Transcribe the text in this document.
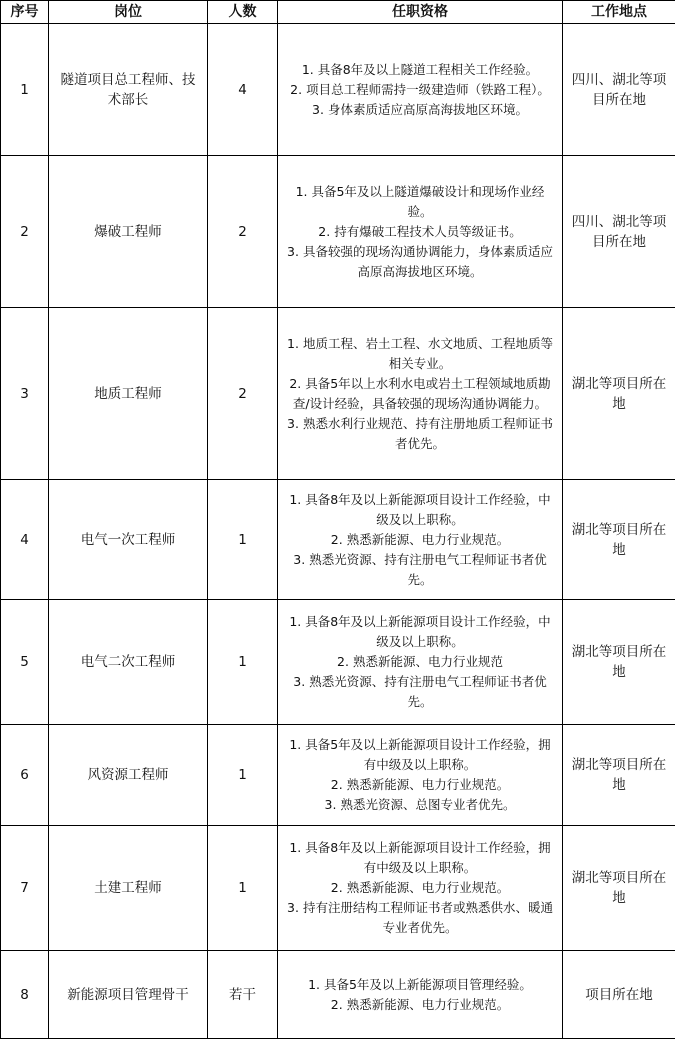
序号	岗位	人数	任职资格	工作地点
1	隧道项目总工程师、技术部长	4	1. 具备8年及以上隧道工程相关工作经验。
2. 项目总工程师需持一级建造师（铁路工程）。
3. 身体素质适应高原高海拔地区环境。	四川、湖北等项目所在地
2	爆破工程师	2	1. 具备5年及以上隧道爆破设计和现场作业经验。
2. 持有爆破工程技术人员等级证书。
3. 具备较强的现场沟通协调能力，身体素质适应高原高海拔地区环境。	四川、湖北等项目所在地
3	地质工程师	2	1. 地质工程、岩土工程、水文地质、工程地质等相关专业。
2. 具备5年以上水利水电或岩土工程领域地质勘查/设计经验，具备较强的现场沟通协调能力。
3. 熟悉水利行业规范、持有注册地质工程师证书者优先。	湖北等项目所在地
4	电气一次工程师	1	1. 具备8年及以上新能源项目设计工作经验，中级及以上职称。
2. 熟悉新能源、电力行业规范。
3. 熟悉光资源、持有注册电气工程师证书者优先。	湖北等项目所在地
5	电气二次工程师	1	1. 具备8年及以上新能源项目设计工作经验，中级及以上职称。
2. 熟悉新能源、电力行业规范
3. 熟悉光资源、持有注册电气工程师证书者优先。	湖北等项目所在地
6	风资源工程师	1	1. 具备5年及以上新能源项目设计工作经验，拥有中级及以上职称。
2. 熟悉新能源、电力行业规范。
3. 熟悉光资源、总图专业者优先。	湖北等项目所在地
7	土建工程师	1	1. 具备8年及以上新能源项目设计工作经验，拥有中级及以上职称。
2. 熟悉新能源、电力行业规范。
3. 持有注册结构工程师证书者或熟悉供水、暖通专业者优先。	湖北等项目所在地
8	新能源项目管理骨干	若干	1. 具备5年及以上新能源项目管理经验。
2. 熟悉新能源、电力行业规范。	项目所在地
